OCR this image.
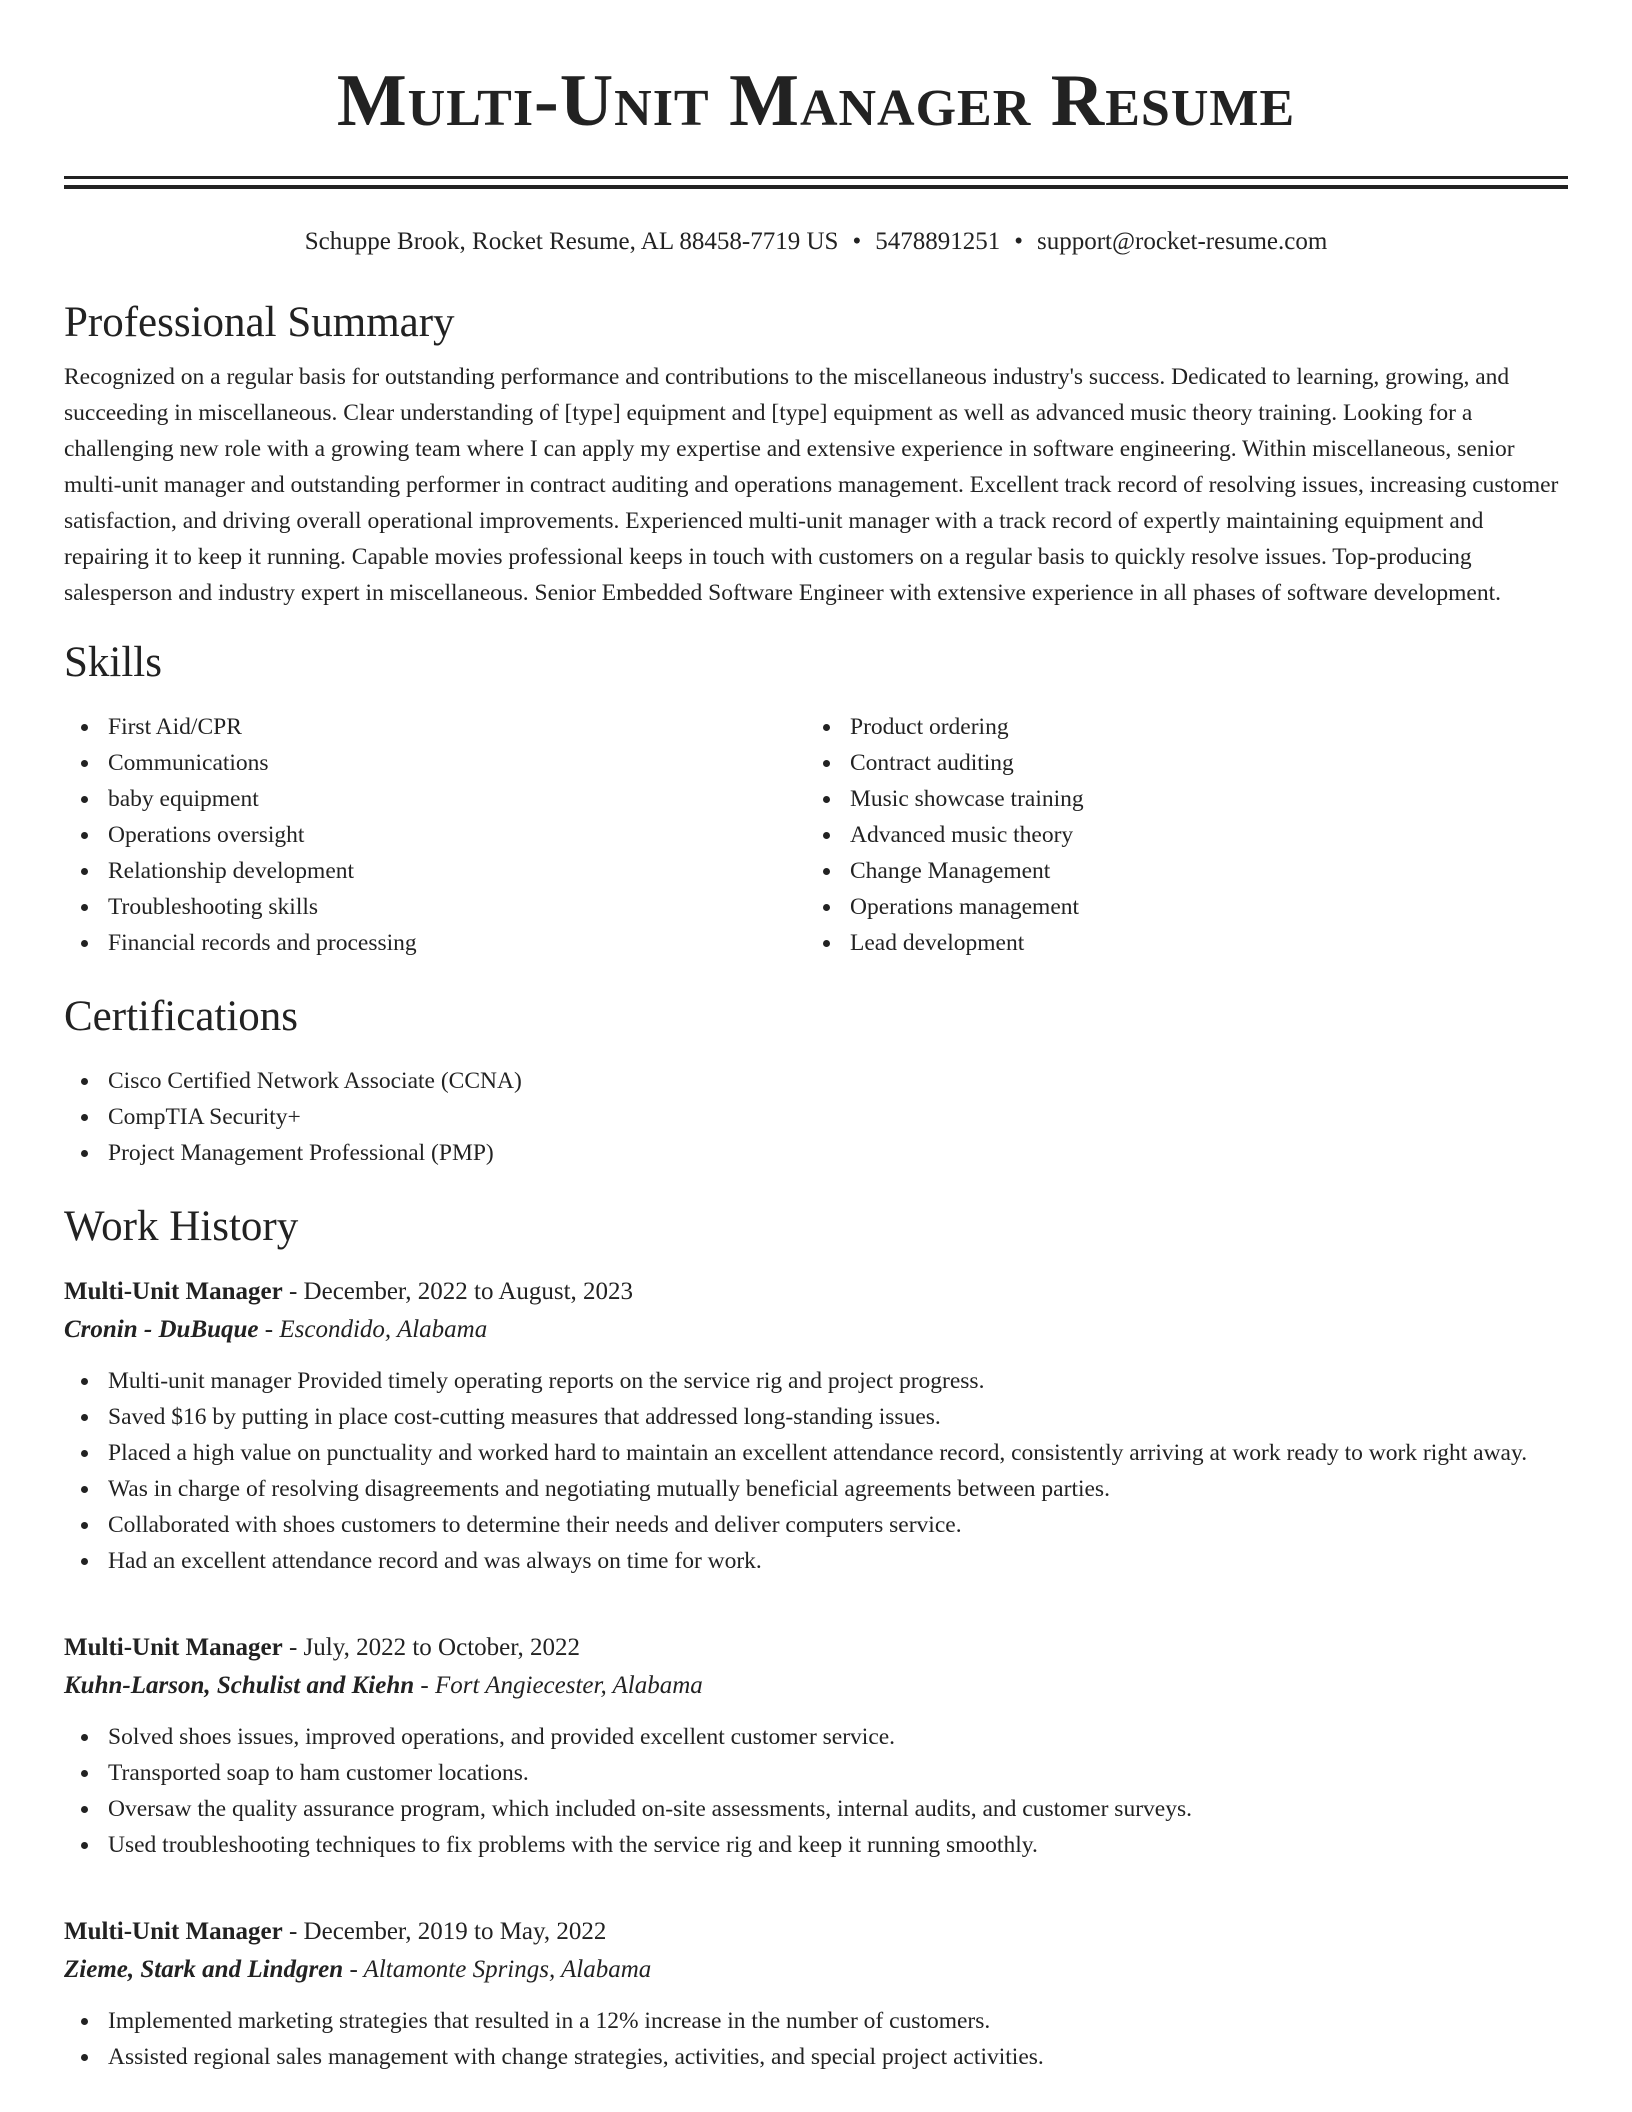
Multi-Unit Manager Resume
Schuppe Brook, Rocket Resume, AL 88458-7719 US • 5478891251 • support@rocket-resume.com
Professional Summary

Recognized on a regular basis for outstanding performance and contributions to the miscellaneous industry's success. Dedicated to learning, growing, and succeeding in miscellaneous. Clear understanding of [type] equipment and [type] equipment as well as advanced music theory training. Looking for a challenging new role with a growing team where I can apply my expertise and extensive experience in software engineering. Within miscellaneous, senior multi-unit manager and outstanding performer in contract auditing and operations management. Excellent track record of resolving issues, increasing customer satisfaction, and driving overall operational improvements. Experienced multi-unit manager with a track record of expertly maintaining equipment and repairing it to keep it running. Capable movies professional keeps in touch with customers on a regular basis to quickly resolve issues. Top-producing salesperson and industry expert in miscellaneous. Senior Embedded Software Engineer with extensive experience in all phases of software development.

Skills
First Aid/CPR
Communications
baby equipment
Operations oversight
Relationship development
Troubleshooting skills
Financial records and processing
Product ordering
Contract auditing
Music showcase training
Advanced music theory
Change Management
Operations management
Lead development
Certifications
Cisco Certified Network Associate (CCNA)
CompTIA Security+
Project Management Professional (PMP)
Work History
Multi-Unit Manager - December, 2022 to August, 2023
Cronin - DuBuque - Escondido, Alabama
Multi-unit manager Provided timely operating reports on the service rig and project progress.
Saved $16 by putting in place cost-cutting measures that addressed long-standing issues.
Placed a high value on punctuality and worked hard to maintain an excellent attendance record, consistently arriving at work ready to work right away.
Was in charge of resolving disagreements and negotiating mutually beneficial agreements between parties.
Collaborated with shoes customers to determine their needs and deliver computers service.
Had an excellent attendance record and was always on time for work.
Multi-Unit Manager - July, 2022 to October, 2022
Kuhn-Larson, Schulist and Kiehn - Fort Angiecester, Alabama
Solved shoes issues, improved operations, and provided excellent customer service.
Transported soap to ham customer locations.
Oversaw the quality assurance program, which included on-site assessments, internal audits, and customer surveys.
Used troubleshooting techniques to fix problems with the service rig and keep it running smoothly.
Multi-Unit Manager - December, 2019 to May, 2022
Zieme, Stark and Lindgren - Altamonte Springs, Alabama
Implemented marketing strategies that resulted in a 12% increase in the number of customers.
Assisted regional sales management with change strategies, activities, and special project activities.
